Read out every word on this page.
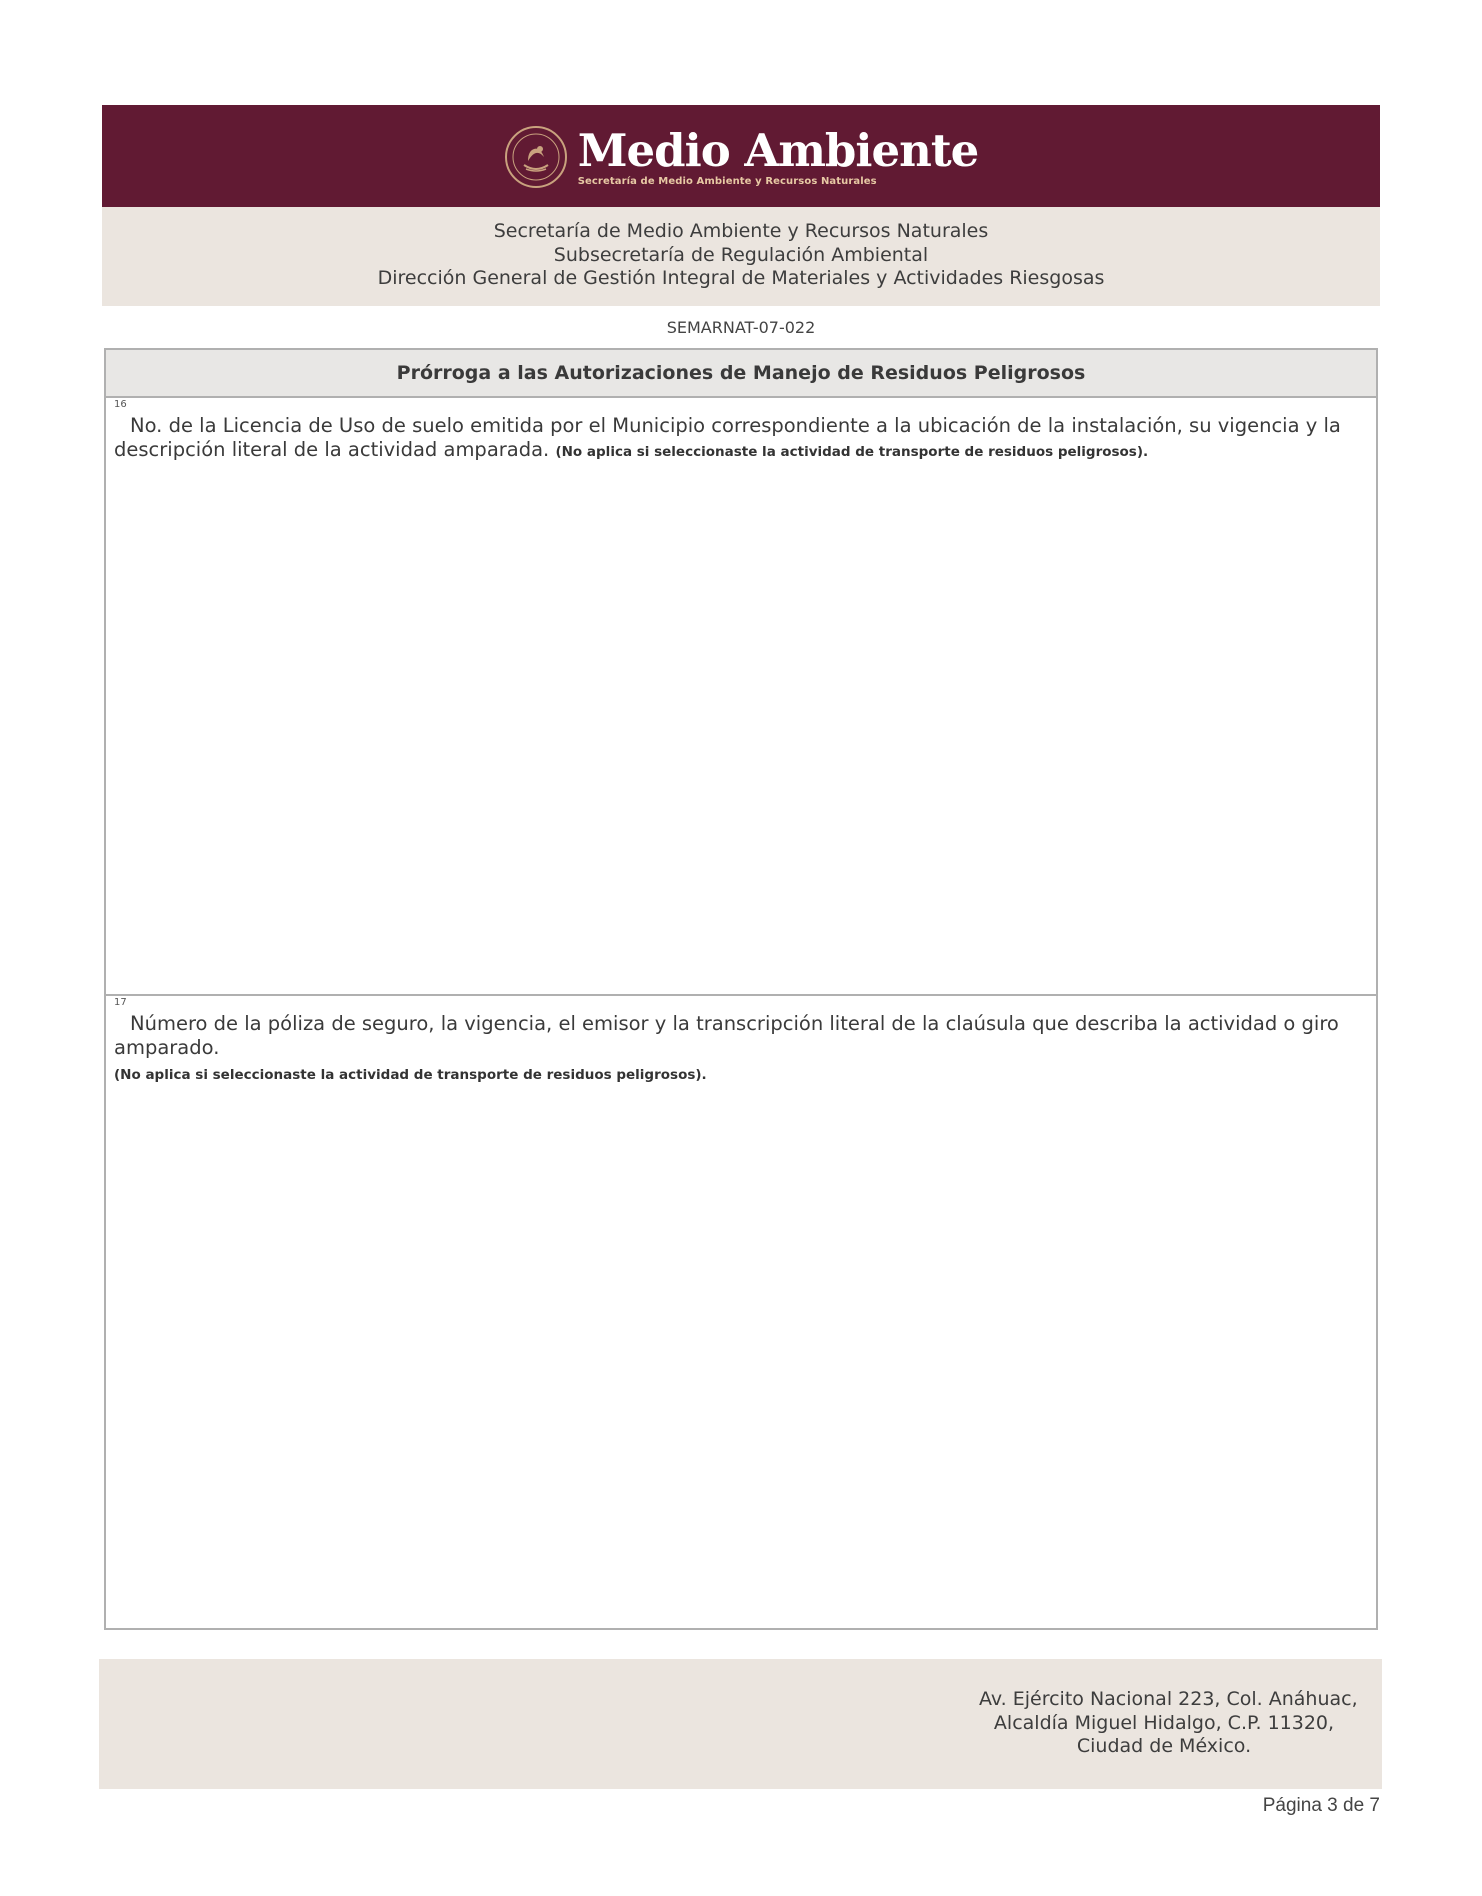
Medio Ambiente
Secretaría de Medio Ambiente y Recursos Naturales
Secretaría de Medio Ambiente y Recursos Naturales
Subsecretaría de Regulación Ambiental
Dirección General de Gestión Integral de Materiales y Actividades Riesgosas
SEMARNAT-07-022
Prórroga a las Autorizaciones de Manejo de Residuos Peligrosos
16
No. de la Licencia de Uso de suelo emitida por el Municipio correspondiente a la ubicación de la instalación, su vigencia y la descripción literal de la actividad amparada. (No aplica si seleccionaste la actividad de transporte de residuos peligrosos).
17
Número de la póliza de seguro, la vigencia, el emisor y la transcripción literal de la claúsula que describa la actividad o giro amparado.
(No aplica si seleccionaste la actividad de transporte de residuos peligrosos).
Av. Ejército Nacional 223, Col. Anáhuac,
Alcaldía Miguel Hidalgo, C.P. 11320,
Ciudad de México.
Página 3 de 7
